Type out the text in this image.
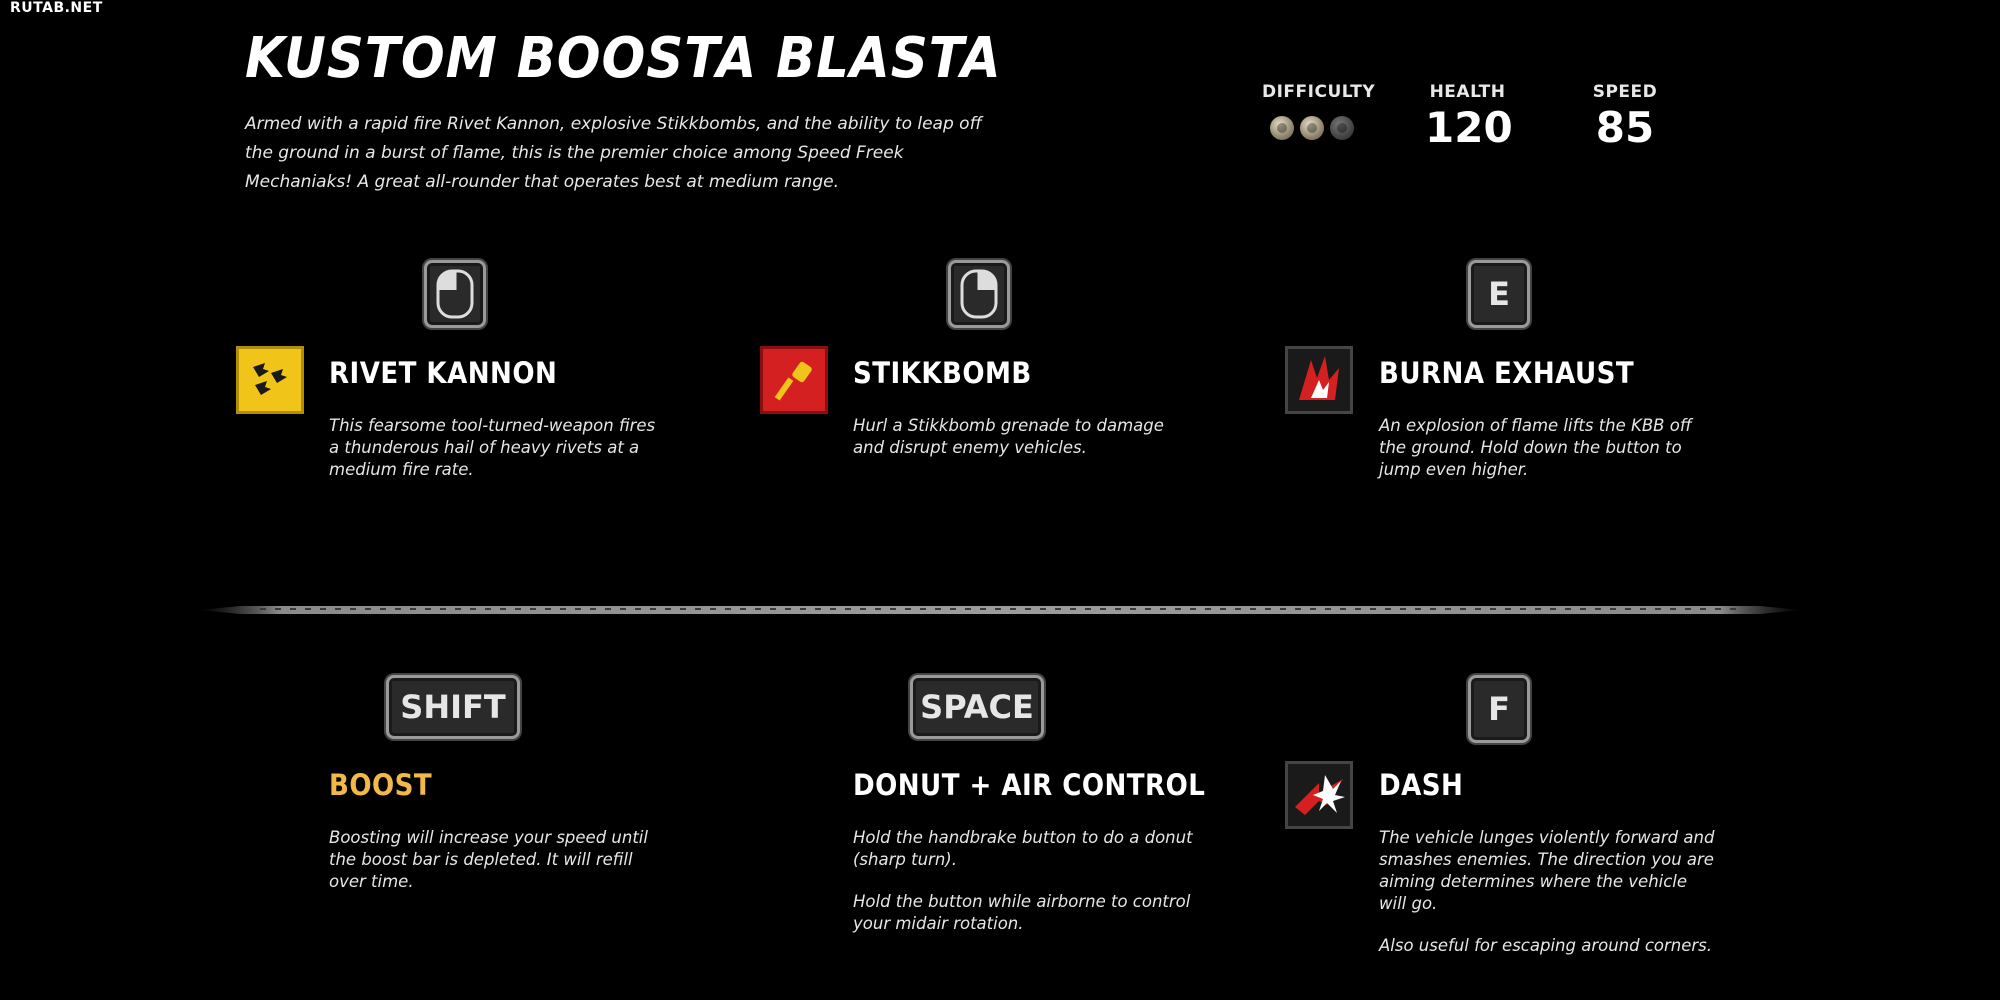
RUTAB.NET
KUSTOM BOOSTA BLASTA
Armed with a rapid fire Rivet Kannon, explosive Stikkbombs, and the ability to leap off the ground in a burst of flame, this is the premier choice among Speed Freek Mechaniaks! A great all-rounder that operates best at medium range.
DIFFICULTY	HEALTH
120
SPEED
85
E
RIVET KANNON	STIKKBOMB	BURNA EXHAUST
This fearsome tool-turned-weapon fires a thunderous hail of heavy rivets at a medium fire rate.
Hurl a Stikkbomb grenade to damage and disrupt enemy vehicles.
An explosion of flame lifts the KBB off the ground. Hold down the button to jump even higher.
SHIFT	SPACE	F
BOOST	DONUT + AIR CONTROL	DASH

Boosting will increase your speed until the boost bar is depleted. It will refill over time.

Hold the handbrake button to do a donut (sharp turn).

Hold the button while airborne to control your midair rotation.

The vehicle lunges violently forward and smashes enemies. The direction you are aiming determines where the vehicle will go.

Also useful for escaping around corners.
